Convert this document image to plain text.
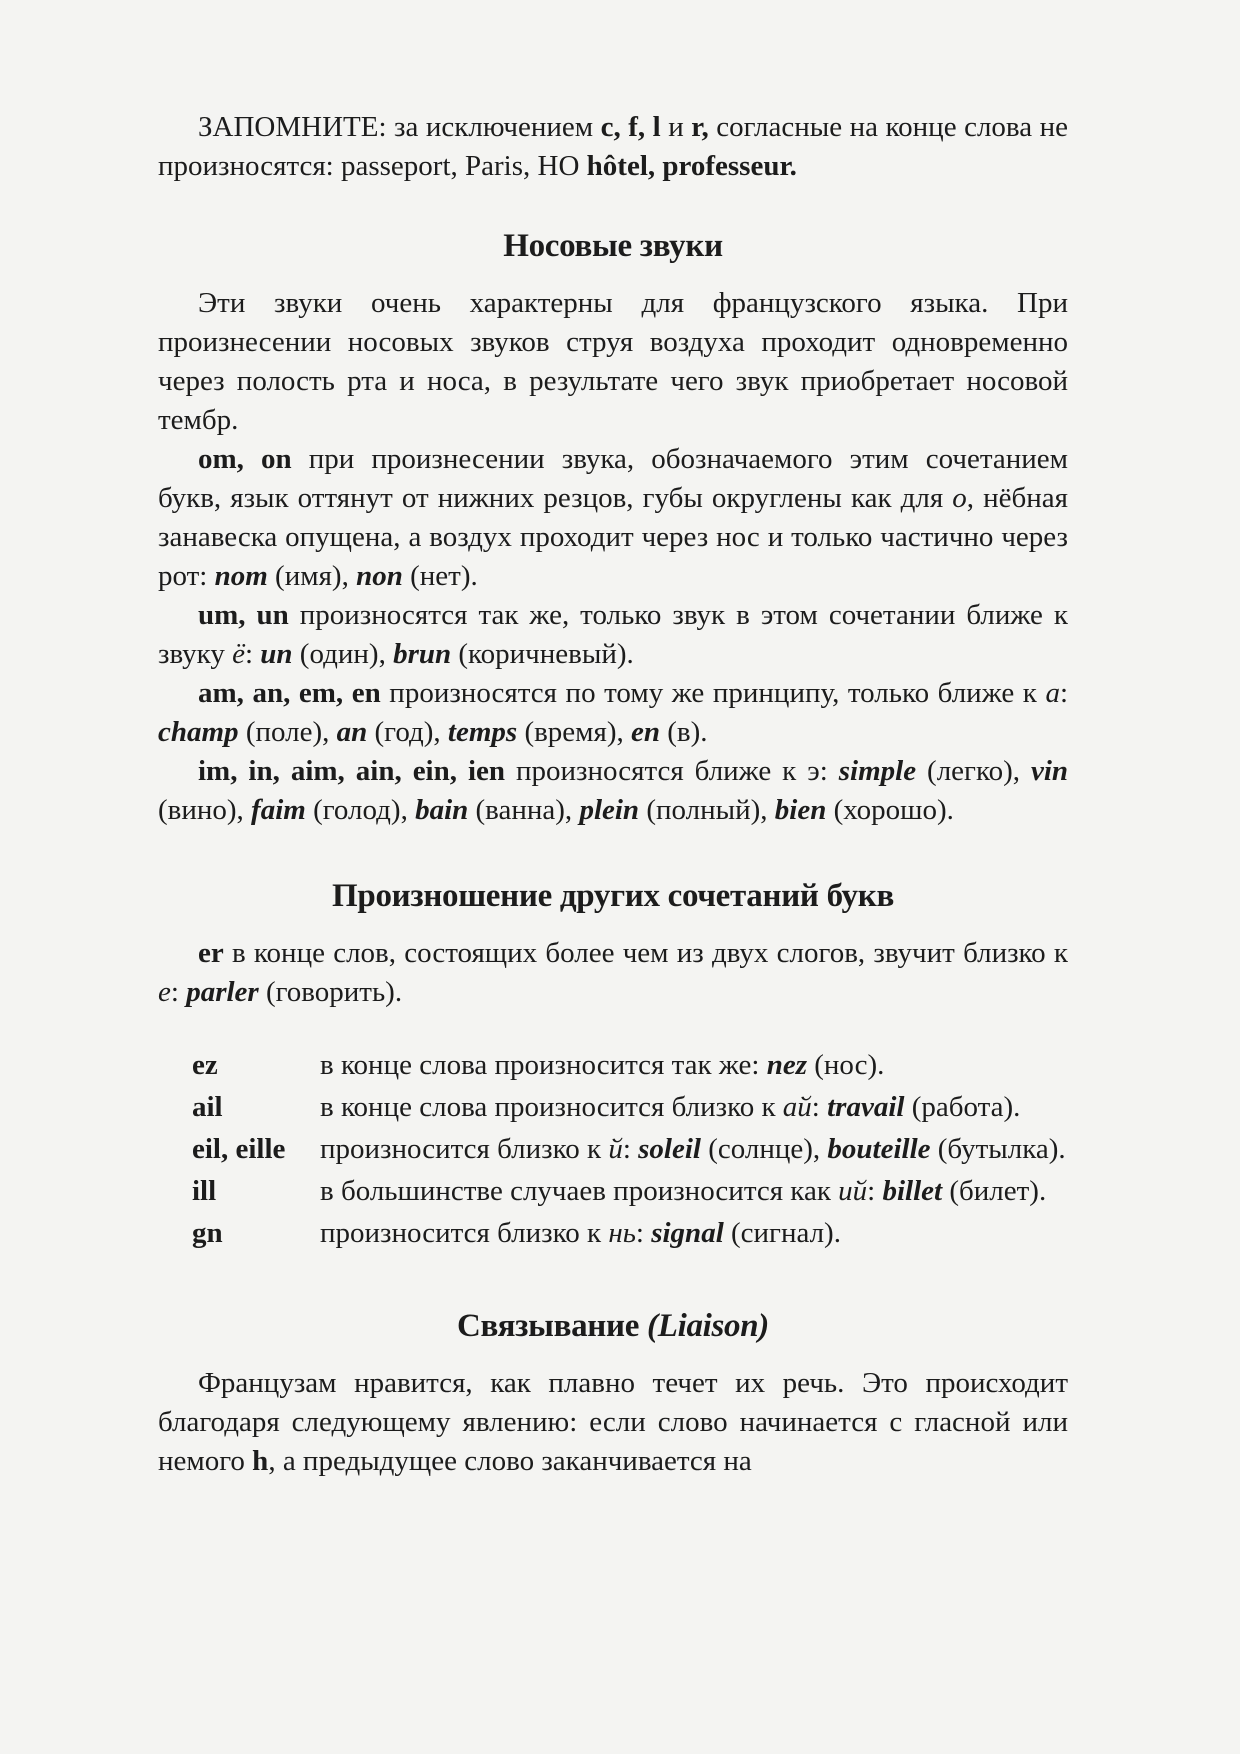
ЗАПОМНИТЕ: за исключением c, f, l и r, согласные на конце слова не произносятся: passeport, Paris, HO hôtel, professeur.

Носовые звуки

Эти звуки очень характерны для французского языка. При произнесении носовых звуков струя воздуха проходит одновременно через полость рта и носа, в результате чего звук приобретает носовой тембр.

om, on при произнесении звука, обозначаемого этим сочетанием букв, язык оттянут от нижних резцов, губы округлены как для o, нёбная занавеска опущена, а воздух проходит через нос и только частично через рот: nom (имя), non (нет).

um, un произносятся так же, только звук в этом сочетании ближе к звуку ё: un (один), brun (коричневый).

am, an, em, en произносятся по тому же принципу, только ближе к а: champ (поле), an (год), temps (время), en (в).

im, in, aim, ain, ein, ien произносятся ближе к э: simple (легко), vin (вино), faim (голод), bain (ванна), plein (полный), bien (хорошо).

Произношение других сочетаний букв

er в конце слов, состоящих более чем из двух слогов, звучит близко к е: parler (говорить).

ez	в конце слова произносится так же: nez (нос).
ail	в конце слова произносится близко к ай: travail (работа).
eil, eille	произносится близко к й: soleil (солнце), bouteille (бутылка).
ill	в большинстве случаев произносится как ий: billet (билет).
gn	произносится близко к нь: signal (сигнал).
Связывание (Liaison)

Французам нравится, как плавно течет их речь. Это происходит благодаря следующему явлению: если слово начинается с гласной или немого h, а предыдущее слово заканчивается на
